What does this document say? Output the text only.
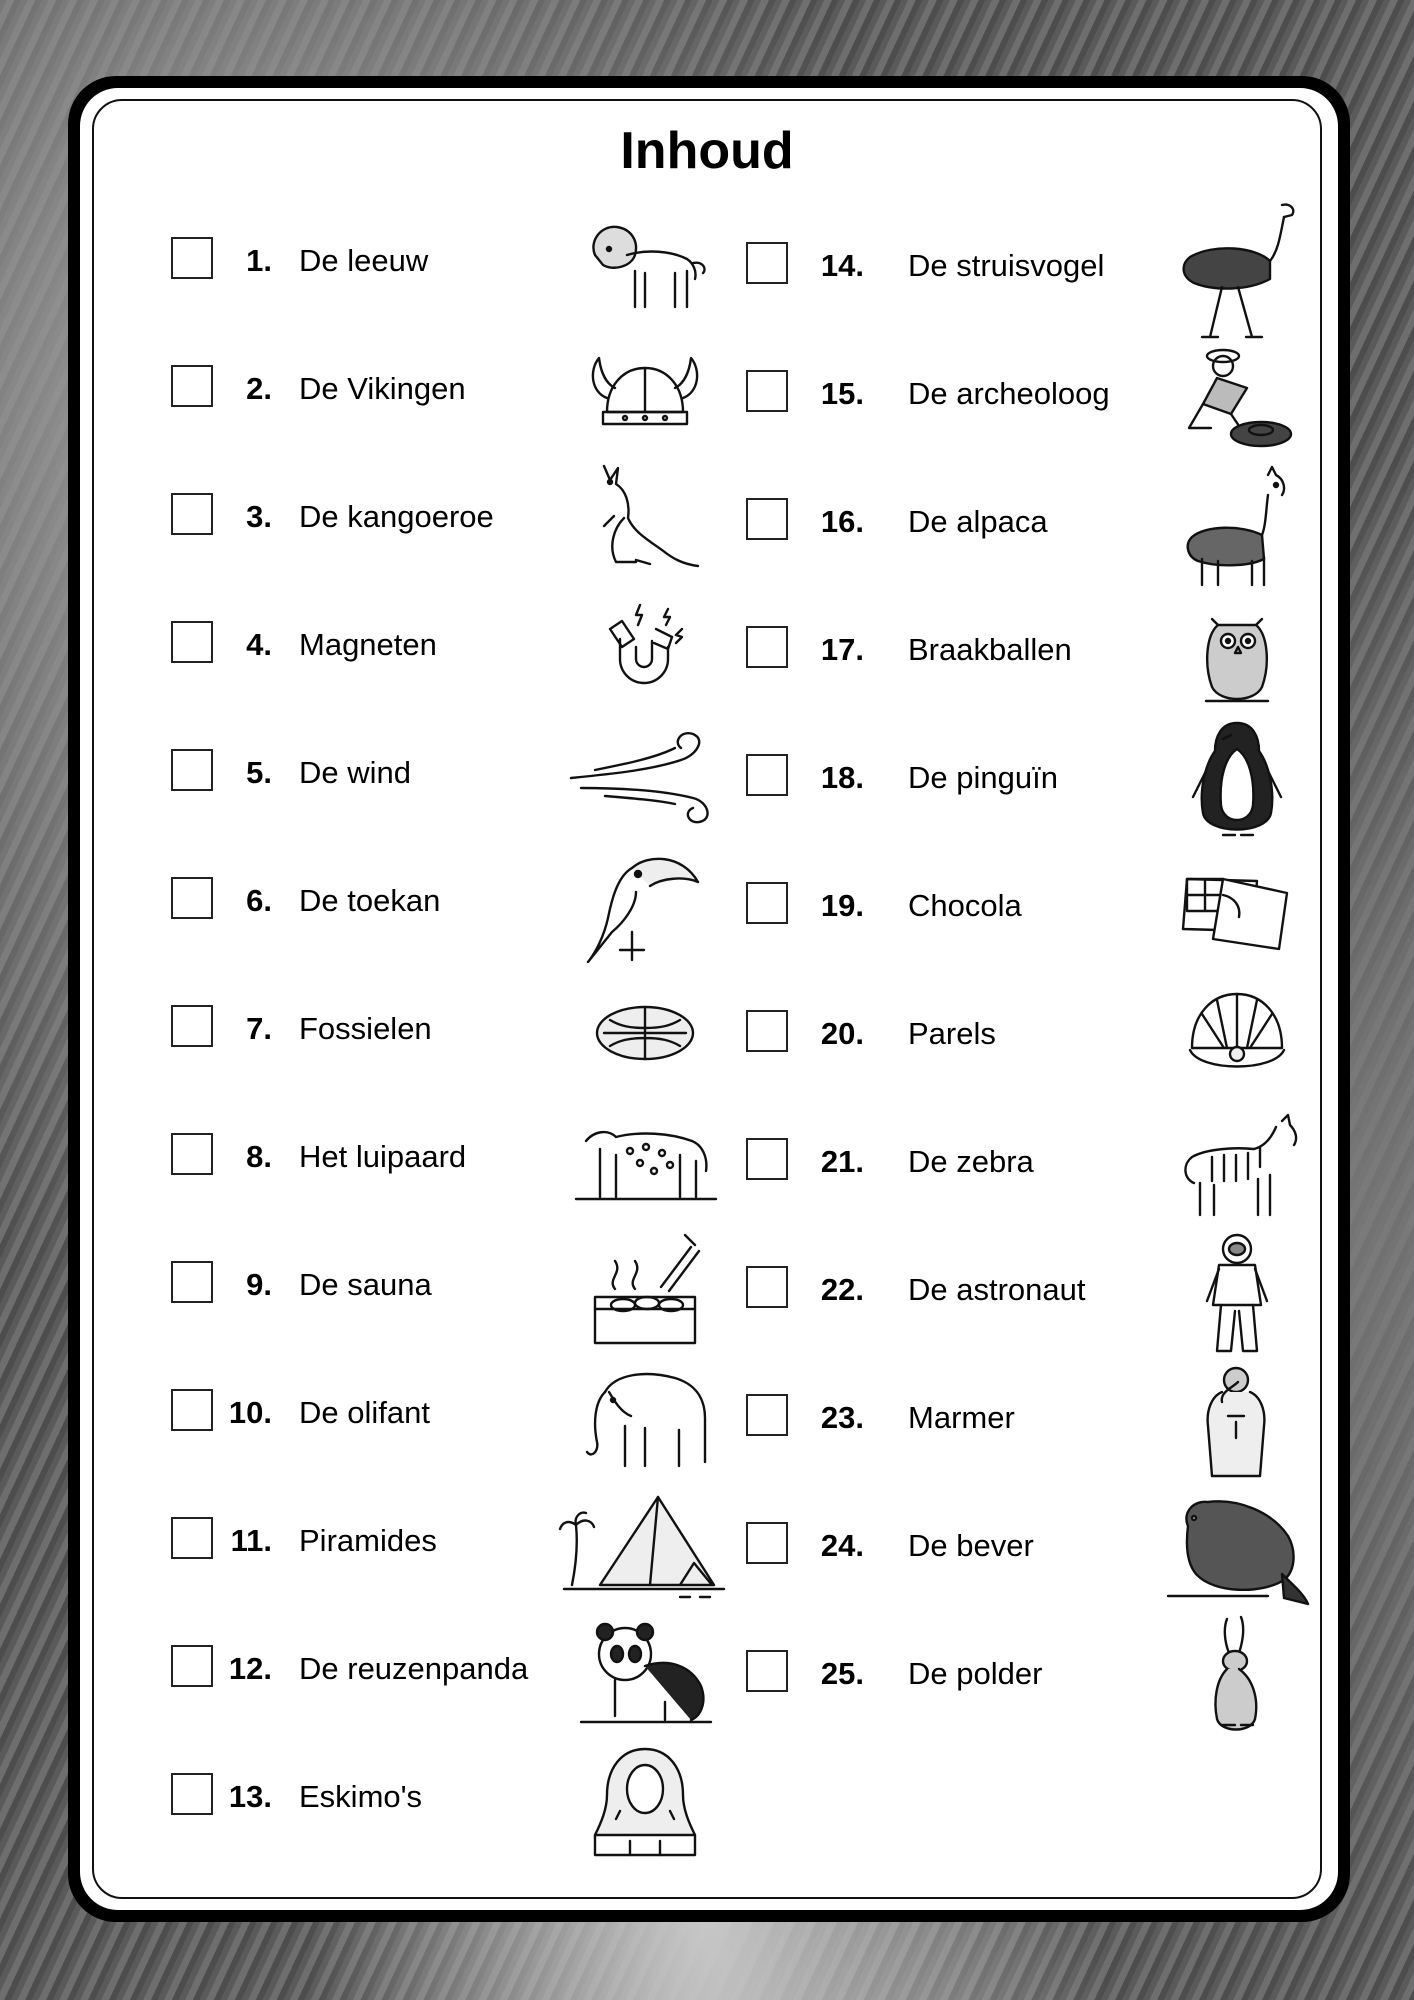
Inhoud
1. De leeuw
2. De Vikingen
3. De kangoeroe
4. Magneten
5. De wind
6. De toekan
7. Fossielen
8. Het luipaard
9. De sauna
10. De olifant
11. Piramides
12. De reuzenpanda
13. Eskimo's
14. De struisvogel
15. De archeoloog
16. De alpaca
17. Braakballen
18. De pinguïn
19. Chocola
20. Parels
21. De zebra
22. De astronaut
23. Marmer
24. De bever
25. De polder
